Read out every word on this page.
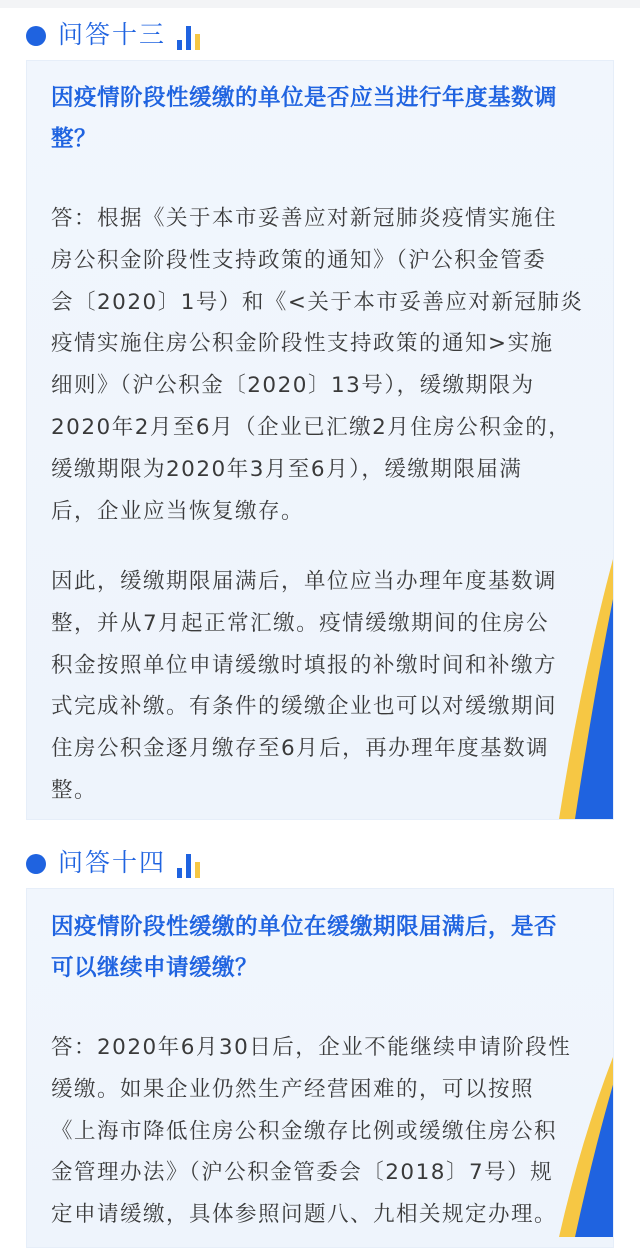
问答十三
因疫情阶段性缓缴的单位是否应当进行年度基数调
整？
答：根据《关于本市妥善应对新冠肺炎疫情实施住
房公积金阶段性支持政策的通知》（沪公积金管委
会〔2020〕1号）和《<关于本市妥善应对新冠肺炎
疫情实施住房公积金阶段性支持政策的通知>实施
细则》（沪公积金〔2020〕13号），缓缴期限为
2020年2月至6月（企业已汇缴2月住房公积金的，
缓缴期限为2020年3月至6月），缓缴期限届满
后，企业应当恢复缴存。
因此，缓缴期限届满后，单位应当办理年度基数调
整，并从7月起正常汇缴。疫情缓缴期间的住房公
积金按照单位申请缓缴时填报的补缴时间和补缴方
式完成补缴。有条件的缓缴企业也可以对缓缴期间
住房公积金逐月缴存至6月后，再办理年度基数调
整。
问答十四
因疫情阶段性缓缴的单位在缓缴期限届满后，是否
可以继续申请缓缴？
答：2020年6月30日后，企业不能继续申请阶段性
缓缴。如果企业仍然生产经营困难的，可以按照
《上海市降低住房公积金缴存比例或缓缴住房公积
金管理办法》（沪公积金管委会〔2018〕7号）规
定申请缓缴，具体参照问题八、九相关规定办理。
